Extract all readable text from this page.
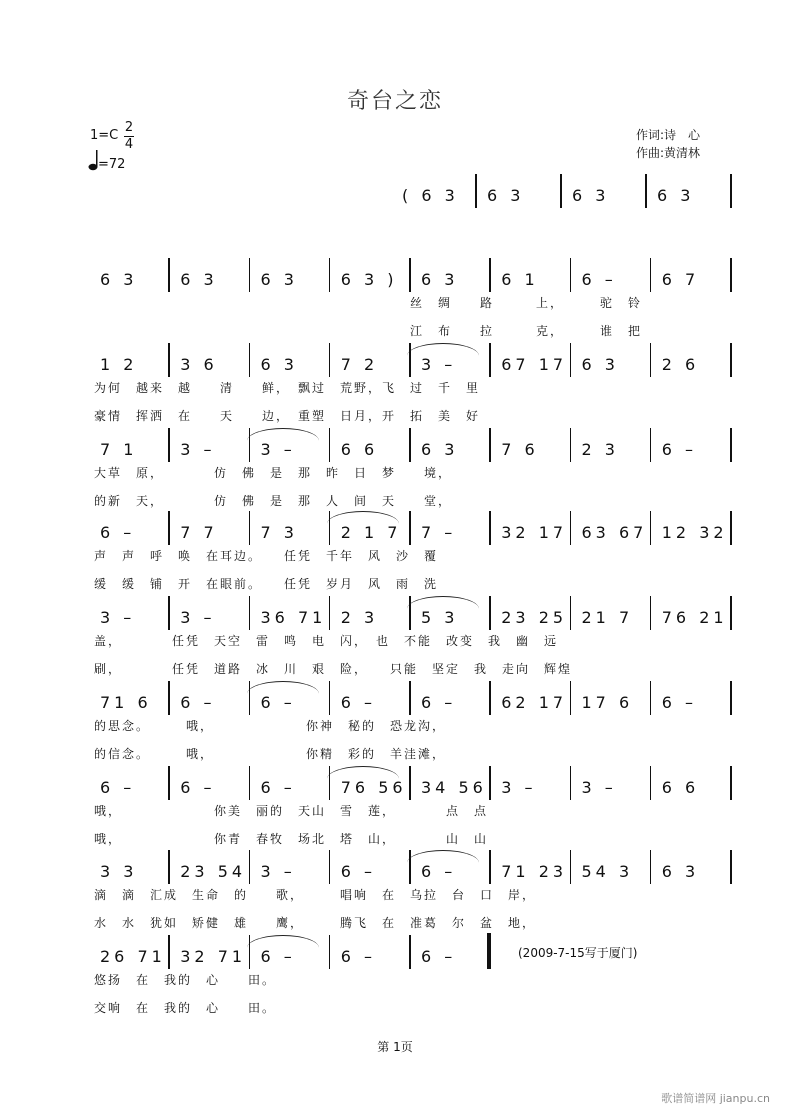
奇台之恋
1=C
2
4
=72
作词:诗　心
作曲:黄清林
( 6 3 6 3	6 3	6 3
6 3	6 3	6 3	6 3 ) 6 3	6 1	6 –	6 7
丝　绸　　路　　　上，　　　驼　铃
江　布　　拉　　　克，　　　谁　把
1 2	3 6	6 3	7 2	3 –	67 17 6 3	2 6
为何　越来　越　　清　　鲜，　飘过　荒野，飞　过　千　里
豪情　挥洒　在　　天　　边，　重塑　日月，开　拓　美　好
7 1	3 –	3 –	6 6	6 3	7 6	2 3	6 –
大草　原，　　　　仿　佛　是　那　昨　日　梦　　境，
的新　天，　　　　仿　佛　是　那　人　间　天　　堂，
6 –	7 7	7 3	2 1 7 7 –	32 17 63 67 12 32
声　声　呼　唤　在耳边。　　任凭　千年　风　沙　覆
缓　缓　铺　开　在眼前。　　任凭　岁月　风　雨　洗
3 –	3 –	36 71 2 3	5 3	23 25 21 7 76 21
盖，　　　　任凭　天空　雷　鸣　电　闪，　也　不能　改变　我　幽　远
刷，　　　　任凭　道路　冰　川　艰　险，　　只能　坚定　我　走向　辉煌
71 6 6 –	6 –	6 –	6 –	62 17 17 6 6 –
的思念。　　　哦，　　　　　　　你神　秘的　恐龙沟，
的信念。　　　哦，　　　　　　　你精　彩的　羊洼滩，
6 –	6 –	6 –	76 56 34 56 3 –	3 –	6 6
哦，　　　　　　　你美　丽的　天山　雪　莲，　　　　点　点
哦，　　　　　　　你青　春牧　场北　塔　山，　　　　山　山
3 3	23 54 3 –	6 –	6 –	71 23 54 3 6 3
滴　滴　汇成　生命　的　　歌，　　　唱响　在　乌拉　台　口　岸，
水　水　犹如　矫健　雄　　鹰，　　　腾飞　在　准葛　尔　盆　地，
26 71 32 71 6 –	6 –	6 –
悠扬　在　我的　心　　田。
交响　在　我的　心　　田。
(2009-7-15写于厦门)
第 1页
歌谱简谱网 jianpu.cn
